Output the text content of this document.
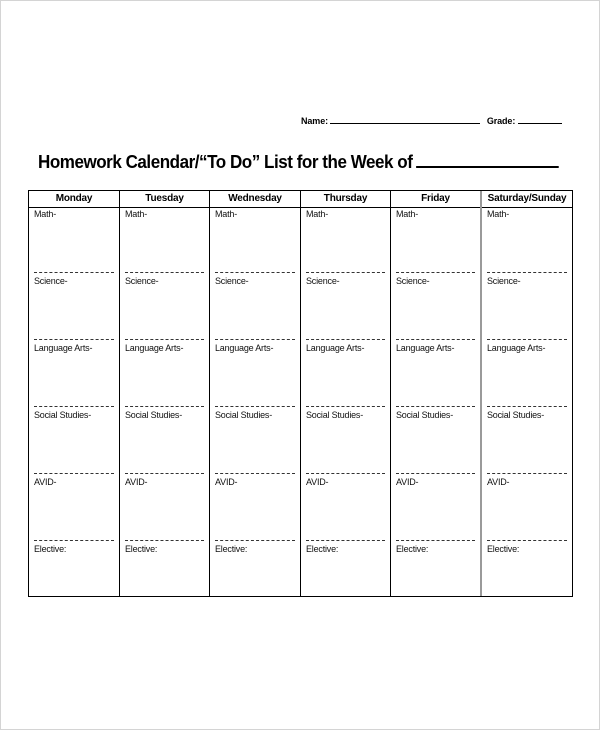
Name:	Grade:
Homework Calendar/“To Do” List for the Week of
Monday
Math-
Science-
Language Arts-
Social Studies-
AVID-
Elective:
Tuesday
Math-
Science-
Language Arts-
Social Studies-
AVID-
Elective:
Wednesday
Math-
Science-
Language Arts-
Social Studies-
AVID-
Elective:
Thursday
Math-
Science-
Language Arts-
Social Studies-
AVID-
Elective:
Friday
Math-
Science-
Language Arts-
Social Studies-
AVID-
Elective:
Saturday/Sunday
Math-
Science-
Language Arts-
Social Studies-
AVID-
Elective:
